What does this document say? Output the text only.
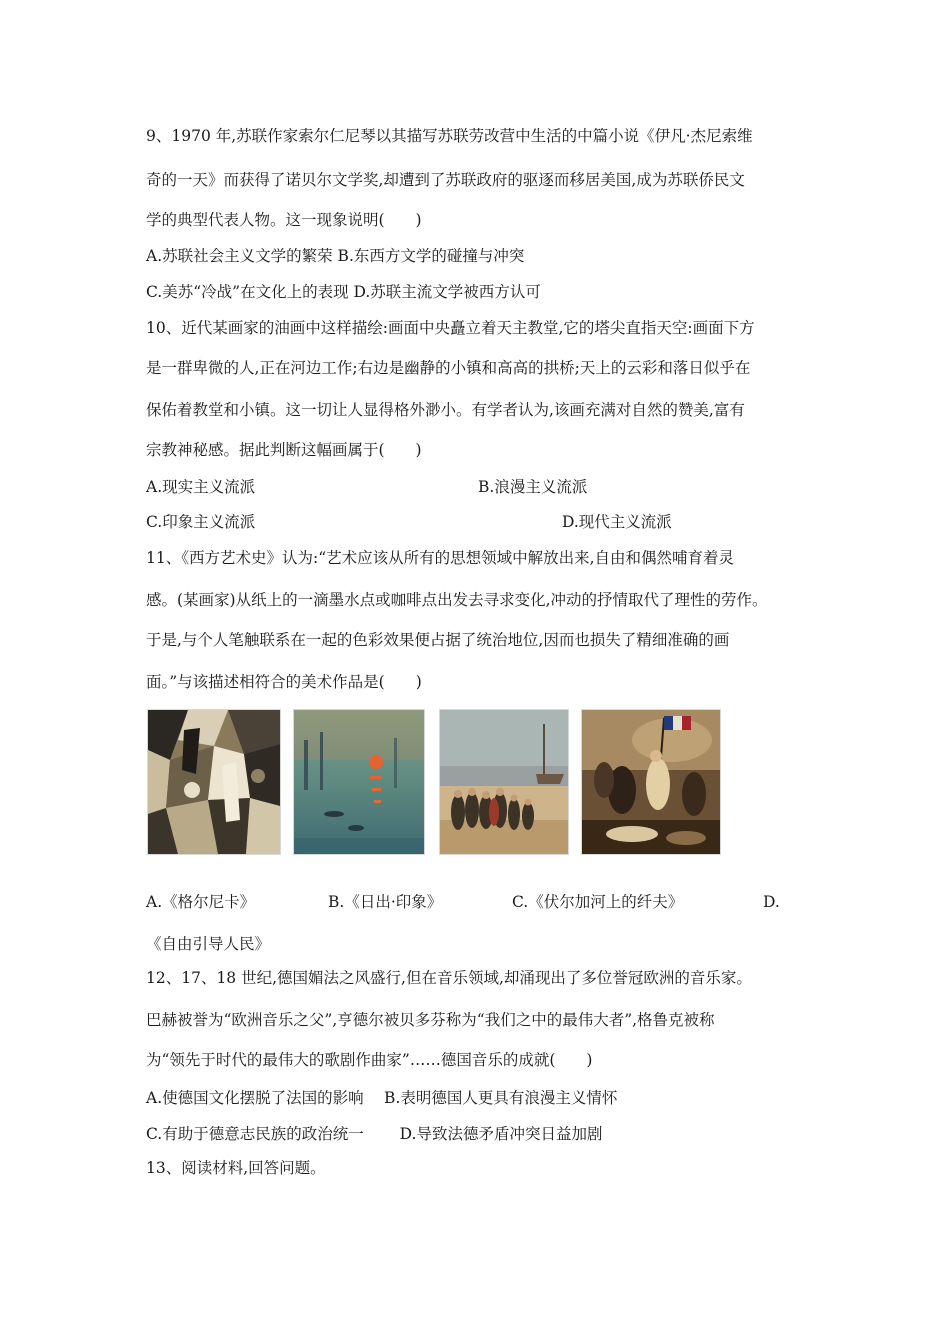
9、1970 年,苏联作家索尔仁尼琴以其描写苏联劳改营中生活的中篇小说《伊凡·杰尼索维
奇的一天》而获得了诺贝尔文学奖,却遭到了苏联政府的驱逐而移居美国,成为苏联侨民文
学的典型代表人物。这一现象说明(　　)
A.苏联社会主义文学的繁荣 B.东西方文学的碰撞与冲突
C.美苏“冷战”在文化上的表现 D.苏联主流文学被西方认可
10、近代某画家的油画中这样描绘:画面中央矗立着天主教堂,它的塔尖直指天空:画面下方
是一群卑微的人,正在河边工作;右边是幽静的小镇和高高的拱桥;天上的云彩和落日似乎在
保佑着教堂和小镇。这一切让人显得格外渺小。有学者认为,该画充满对自然的赞美,富有
宗教神秘感。据此判断这幅画属于(　　)
A.现实主义流派	B.浪漫主义流派
C.印象主义流派	D.现代主义流派
11、《西方艺术史》认为:“艺术应该从所有的思想领域中解放出来,自由和偶然哺育着灵
感。(某画家)从纸上的一滴墨水点或咖啡点出发去寻求变化,冲动的抒情取代了理性的劳作。
于是,与个人笔触联系在一起的色彩效果便占据了统治地位,因而也损失了精细准确的画
面。”与该描述相符合的美术作品是(　　)
A.《格尔尼卡》	B.《日出·印象》	C.《伏尔加河上的纤夫》	D.
《自由引导人民》
12、17、18 世纪,德国媚法之风盛行,但在音乐领域,却涌现出了多位誉冠欧洲的音乐家。
巴赫被誉为“欧洲音乐之父”,亨德尔被贝多芬称为“我们之中的最伟大者”,格鲁克被称
为“领先于时代的最伟大的歌剧作曲家”……德国音乐的成就(　　)
A.使德国文化摆脱了法国的影响　 B.表明德国人更具有浪漫主义情怀
C.有助于德意志民族的政治统一　　 D.导致法德矛盾冲突日益加剧
13、阅读材料,回答问题。
